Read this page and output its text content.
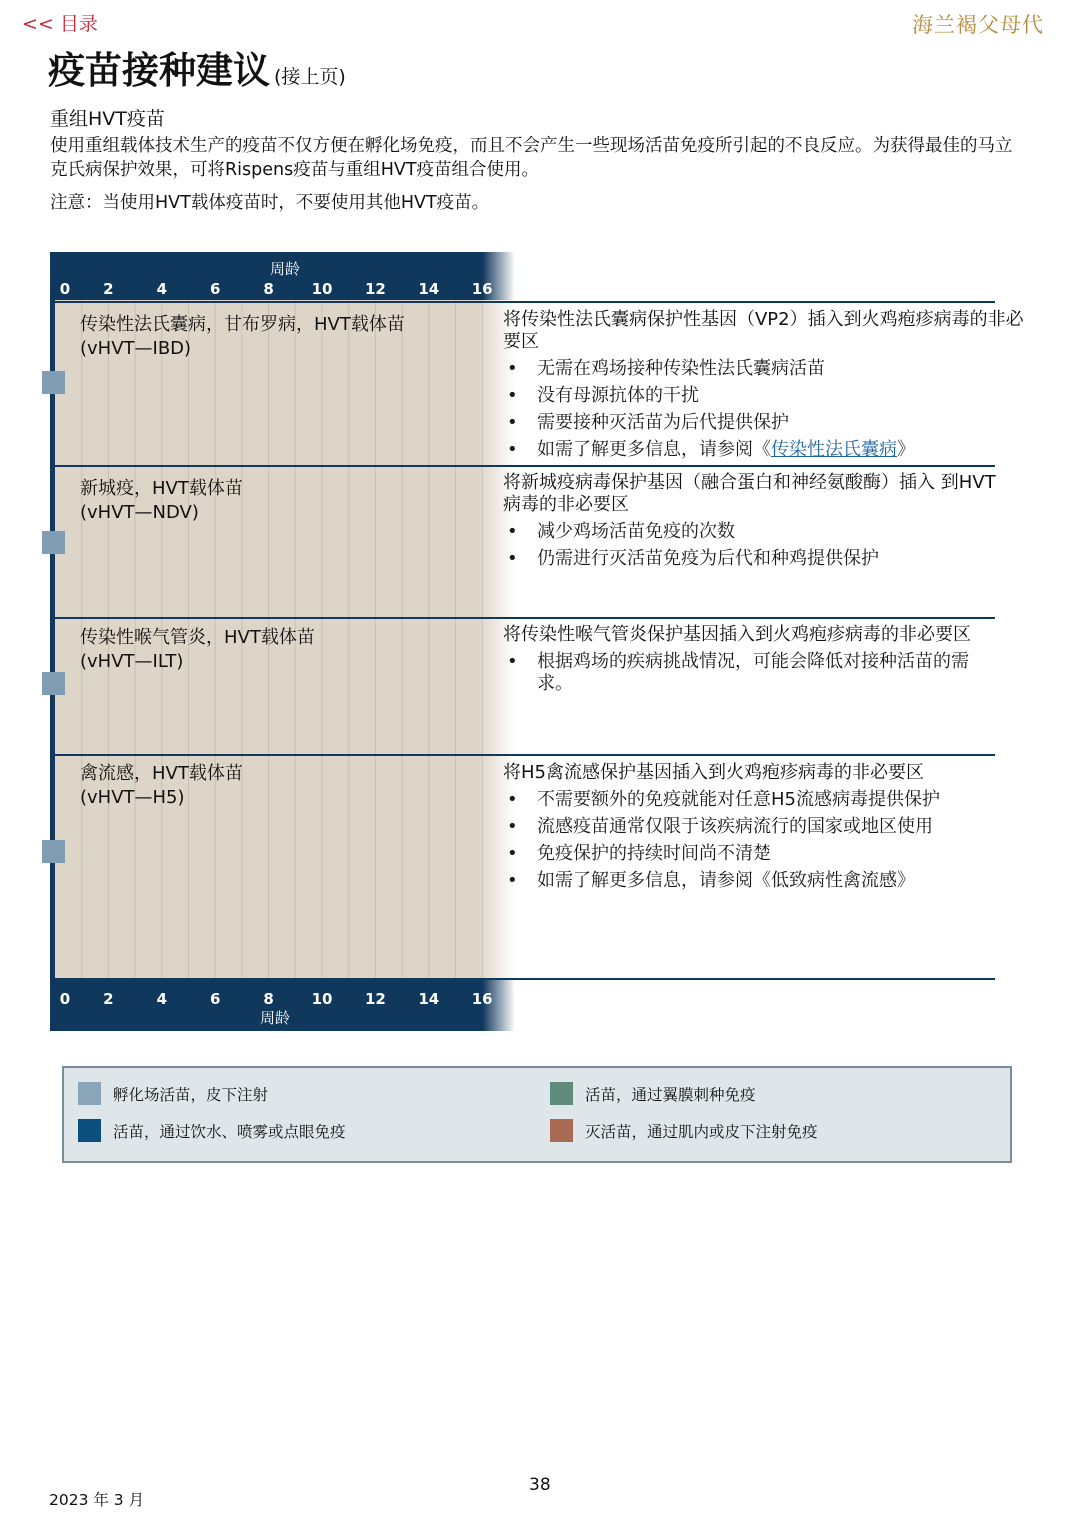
<< 目录	海兰褐父母代
疫苗接种建议 (接上页)
重组HVT疫苗
使用重组载体技术生产的疫苗不仅方便在孵化场免疫，而且不会产生一些现场活苗免疫所引起的不良反应。为获得最佳的马立克氏病保护效果，可将Rispens疫苗与重组HVT疫苗组合使用。
注意：当使用HVT载体疫苗时，不要使用其他HVT疫苗。
周龄
周龄
0	2	4	6	8	10	12	14	16
0	2	4	6	8	10	12	14	16
传染性法氏囊病，甘布罗病，HVT载体苗
(vHVT—IBD)
将传染性法氏囊病保护性基因（VP2）插入到火鸡疱疹病毒的非必要区
• 无需在鸡场接种传染性法氏囊病活苗
• 没有母源抗体的干扰
• 需要接种灭活苗为后代提供保护
• 如需了解更多信息，请参阅《传染性法氏囊病》
新城疫，HVT载体苗
(vHVT—NDV)
将新城疫病毒保护基因（融合蛋白和神经氨酸酶）插入 到HVT病毒的非必要区
• 减少鸡场活苗免疫的次数
• 仍需进行灭活苗免疫为后代和种鸡提供保护
传染性喉气管炎，HVT载体苗
(vHVT—ILT)
将传染性喉气管炎保护基因插入到火鸡疱疹病毒的非必要区
• 根据鸡场的疾病挑战情况，可能会降低对接种活苗的需求。
禽流感，HVT载体苗
(vHVT—H5)
将H5禽流感保护基因插入到火鸡疱疹病毒的非必要区
• 不需要额外的免疫就能对任意H5流感病毒提供保护
• 流感疫苗通常仅限于该疾病流行的国家或地区使用
• 免疫保护的持续时间尚不清楚
• 如需了解更多信息，请参阅《低致病性禽流感》
孵化场活苗，皮下注射	活苗，通过翼膜刺种免疫
活苗，通过饮水、喷雾或点眼免疫	灭活苗，通过肌内或皮下注射免疫
38
2023 年 3 月
